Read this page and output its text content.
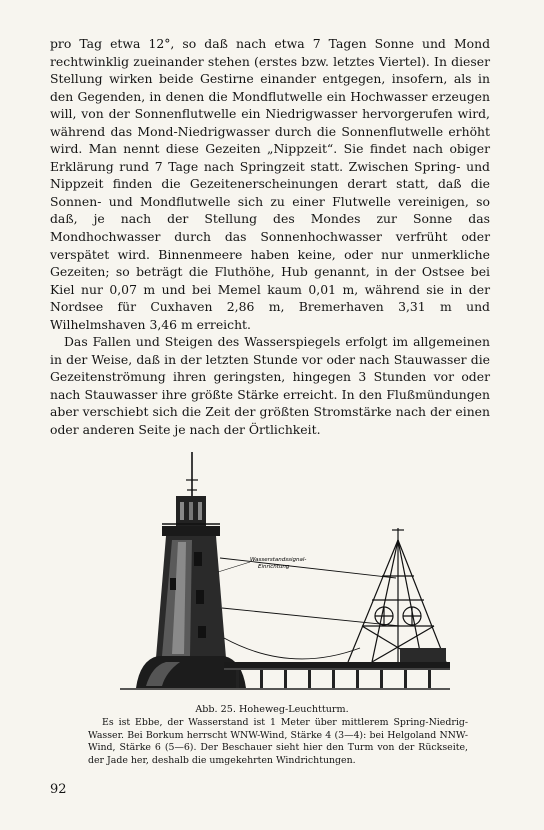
pro Tag etwa 12°, so daß nach etwa 7 Tagen Sonne und Mond rechtwinklig zueinander stehen (erstes bzw. letztes Viertel). In dieser Stellung wirken beide Gestirne einander entgegen, insofern, als in den Gegenden, in denen die Mondflutwelle ein Hochwasser erzeugen will, von der Sonnenflutwelle ein Niedrigwasser hervorgerufen wird, während das Mond-Niedrigwasser durch die Sonnenflutwelle erhöht wird. Man nennt diese Gezeiten „Nippzeit“. Sie findet nach obiger Erklärung rund 7 Tage nach Springzeit statt. Zwischen Spring- und Nippzeit finden die Gezeitenerscheinungen derart statt, daß die Sonnen- und Mondflutwelle sich zu einer Flutwelle vereinigen, so daß, je nach der Stellung des Mondes zur Sonne das Mondhochwasser durch das Sonnenhochwasser verfrüht oder verspätet wird. Binnenmeere haben keine, oder nur unmerkliche Gezeiten; so beträgt die Fluthöhe, Hub genannt, in der Ostsee bei Kiel nur 0,07 m und bei Memel kaum 0,01 m, während sie in der Nordsee für Cuxhaven 2,86 m, Bremerhaven 3,31 m und Wilhelmshaven 3,46 m erreicht.

Das Fallen und Steigen des Wasserspiegels erfolgt im allgemeinen in der Weise, daß in der letzten Stunde vor oder nach Stauwasser die Gezeitenströmung ihren geringsten, hingegen 3 Stunden vor oder nach Stauwasser ihre größte Stärke erreicht. In den Flußmündungen aber verschiebt sich die Zeit der größten Stromstärke nach der einen oder anderen Seite je nach der Örtlichkeit.

Wasserstandssignal-
Einrichtung
Abb. 25. Hoheweg-Leuchtturm.

Es ist Ebbe, der Wasserstand ist 1 Meter über mittlerem Spring-Niedrig-Wasser. Bei Borkum herrscht WNW-Wind, Stärke 4 (3—4): bei Helgoland NNW-Wind, Stärke 6 (5—6). Der Beschauer sieht hier den Turm von der Rückseite, der Jade her, deshalb die umgekehrten Windrichtungen.

92
